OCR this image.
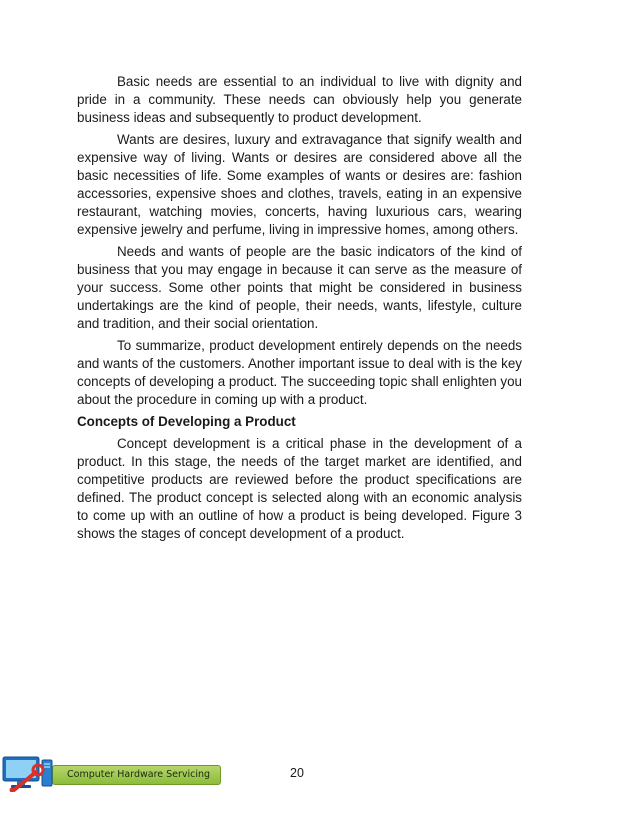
Basic needs are essential to an individual to live with dignity and pride in a community. These needs can obviously help you generate business ideas and subsequently to product development.

Wants are desires, luxury and extravagance that signify wealth and expensive way of living. Wants or desires are considered above all the basic necessities of life. Some examples of wants or desires are: fashion accessories, expensive shoes and clothes, travels, eating in an expensive restaurant, watching movies, concerts, having luxurious cars, wearing expensive jewelry and perfume, living in impressive homes, among others.

Needs and wants of people are the basic indicators of the kind of business that you may engage in because it can serve as the measure of your success. Some other points that might be considered in business undertakings are the kind of people, their needs, wants, lifestyle, culture and tradition, and their social orientation.

To summarize, product development entirely depends on the needs and wants of the customers. Another important issue to deal with is the key concepts of developing a product. The succeeding topic shall enlighten you about the procedure in coming up with a product.

Concepts of Developing a Product

Concept development is a critical phase in the development of a product. In this stage, the needs of the target market are identified, and competitive products are reviewed before the product specifications are defined. The product concept is selected along with an economic analysis to come up with an outline of how a product is being developed. Figure 3 shows the stages of concept development of a product.

Computer Hardware Servicing	20
